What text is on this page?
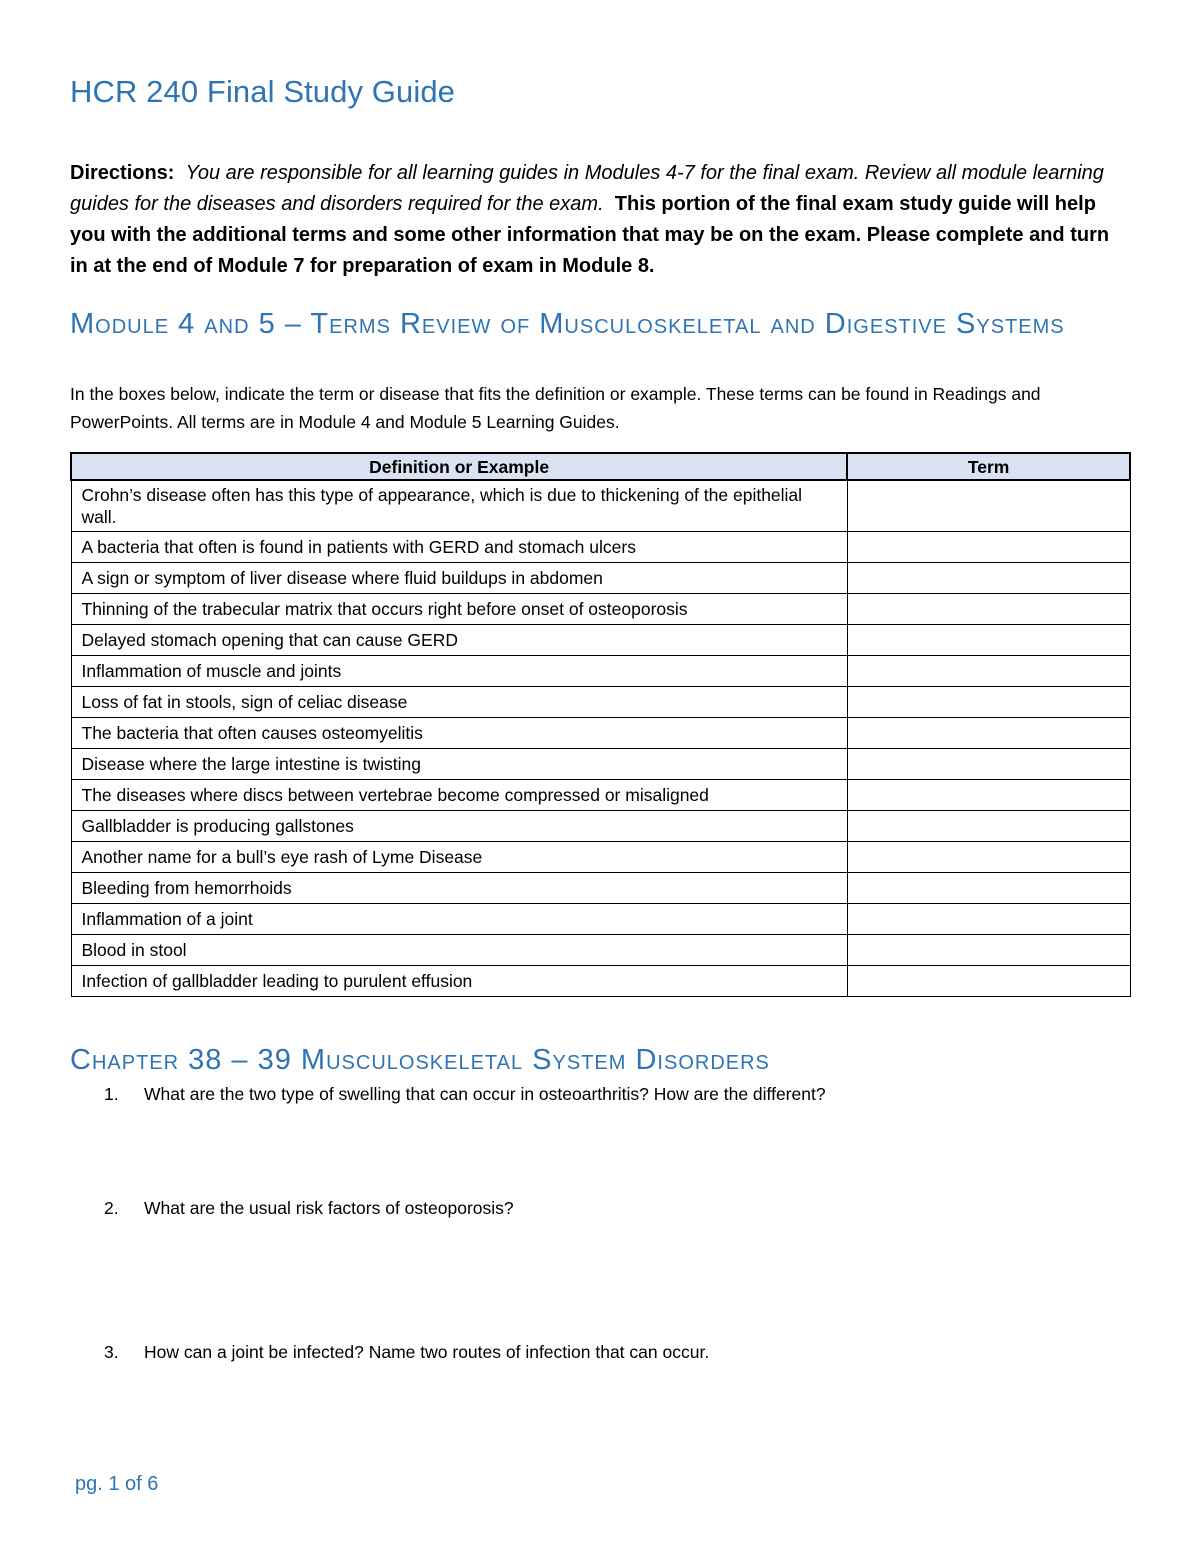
HCR 240 Final Study Guide
Directions: You are responsible for all learning guides in Modules 4-7 for the final exam. Review all module learning guides for the diseases and disorders required for the exam. This portion of the final exam study guide will help you with the additional terms and some other information that may be on the exam. Please complete and turn in at the end of Module 7 for preparation of exam in Module 8.
Module 4 and 5 – Terms Review of Musculoskeletal and Digestive Systems
In the boxes below, indicate the term or disease that fits the definition or example. These terms can be found in Readings and PowerPoints. All terms are in Module 4 and Module 5 Learning Guides.
Definition or Example	Term
Crohn’s disease often has this type of appearance, which is due to thickening of the epithelial wall.	
A bacteria that often is found in patients with GERD and stomach ulcers	
A sign or symptom of liver disease where fluid buildups in abdomen	
Thinning of the trabecular matrix that occurs right before onset of osteoporosis	
Delayed stomach opening that can cause GERD	
Inflammation of muscle and joints	
Loss of fat in stools, sign of celiac disease	
The bacteria that often causes osteomyelitis	
Disease where the large intestine is twisting	
The diseases where discs between vertebrae become compressed or misaligned	
Gallbladder is producing gallstones	
Another name for a bull’s eye rash of Lyme Disease	
Bleeding from hemorrhoids	
Inflammation of a joint	
Blood in stool	
Infection of gallbladder leading to purulent effusion	
Chapter 38 – 39 Musculoskeletal System Disorders
1. What are the two type of swelling that can occur in osteoarthritis? How are the different?
2. What are the usual risk factors of osteoporosis?
3. How can a joint be infected? Name two routes of infection that can occur.
pg. 1 of 6
